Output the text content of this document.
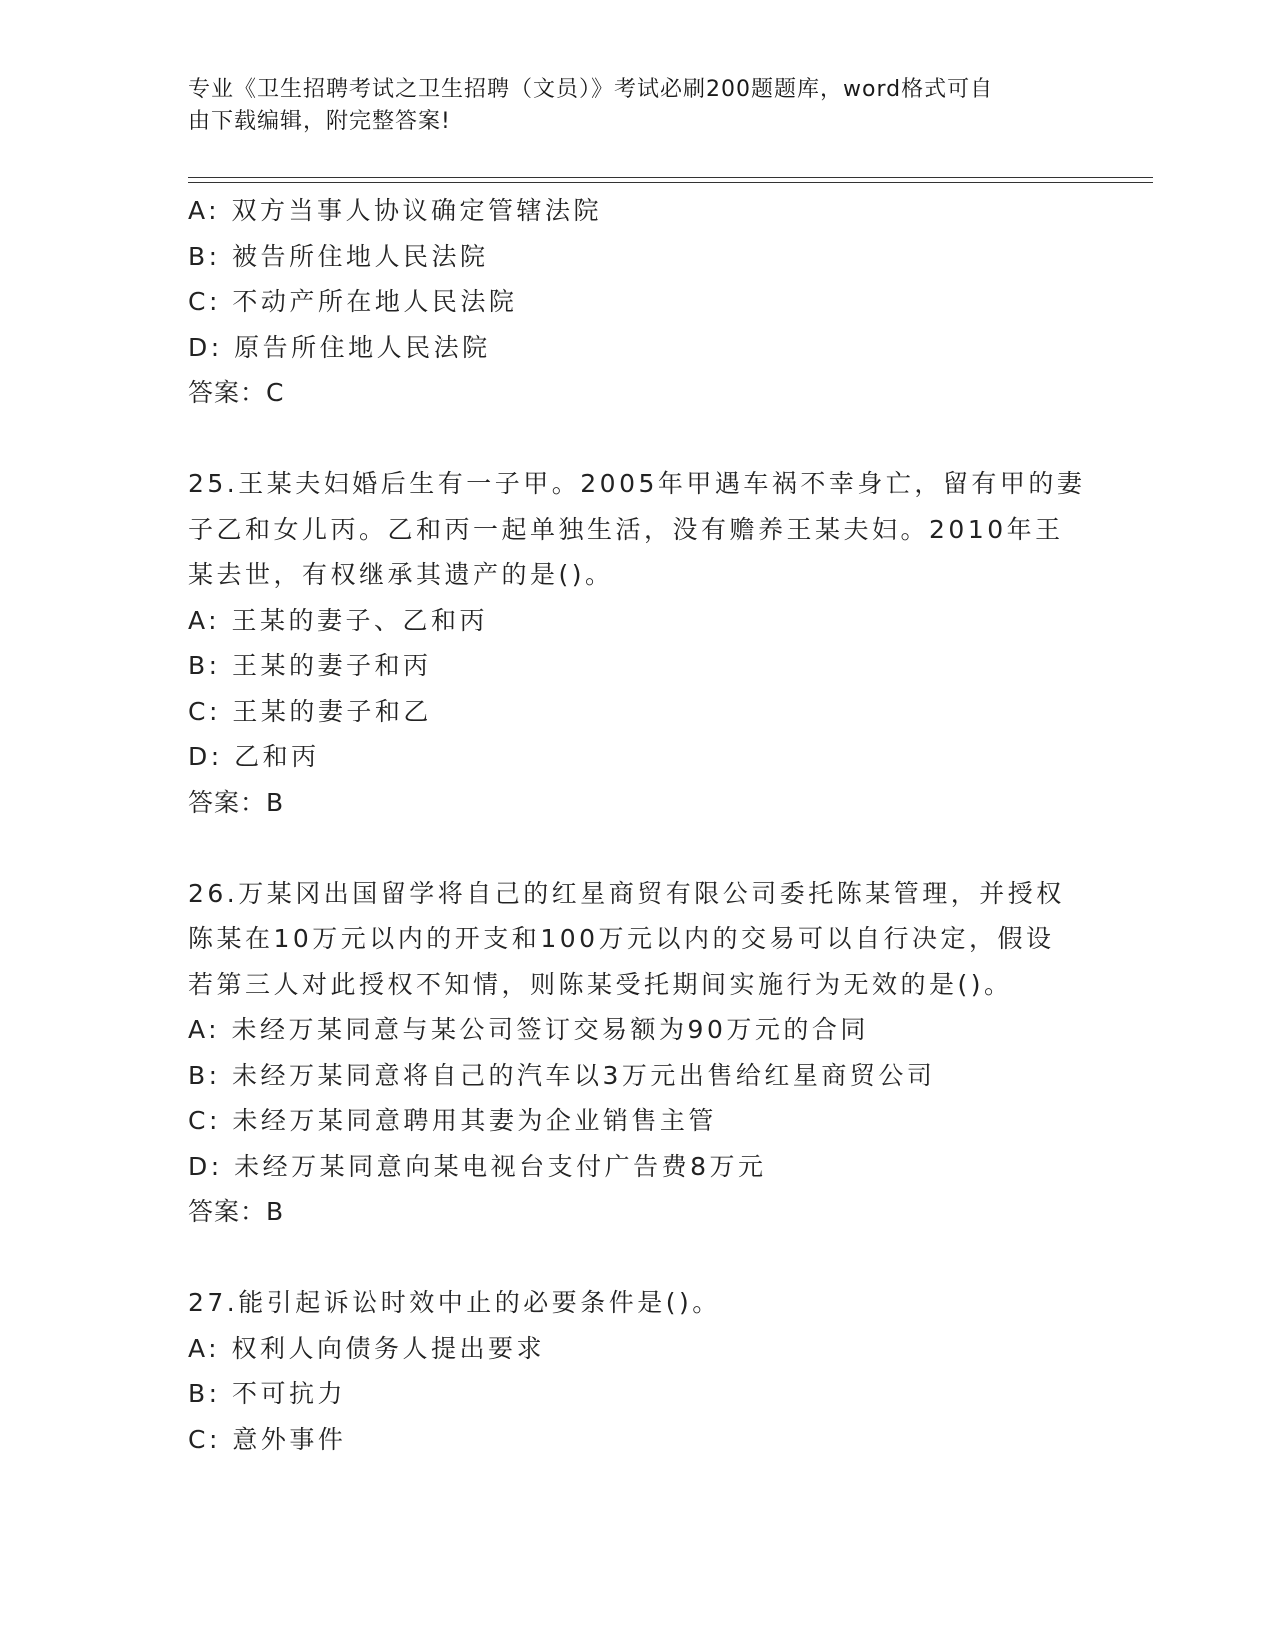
专业《卫生招聘考试之卫生招聘（文员）》考试必刷200题题库，word格式可自
由下载编辑，附完整答案!
A: 双方当事人协议确定管辖法院
B: 被告所住地人民法院
C: 不动产所在地人民法院
D: 原告所住地人民法院
答案：C
25.王某夫妇婚后生有一子甲。2005年甲遇车祸不幸身亡，留有甲的妻
子乙和女儿丙。乙和丙一起单独生活，没有赡养王某夫妇。2010年王
某去世，有权继承其遗产的是()。
A: 王某的妻子、乙和丙
B: 王某的妻子和丙
C: 王某的妻子和乙
D: 乙和丙
答案：B
26.万某冈出国留学将自己的红星商贸有限公司委托陈某管理，并授权
陈某在10万元以内的开支和100万元以内的交易可以自行决定，假设
若第三人对此授权不知情，则陈某受托期间实施行为无效的是()。
A: 未经万某同意与某公司签订交易额为90万元的合同
B: 未经万某同意将自己的汽车以3万元出售给红星商贸公司
C: 未经万某同意聘用其妻为企业销售主管
D: 未经万某同意向某电视台支付广告费8万元
答案：B
27.能引起诉讼时效中止的必要条件是()。
A: 权利人向债务人提出要求
B: 不可抗力
C: 意外事件
